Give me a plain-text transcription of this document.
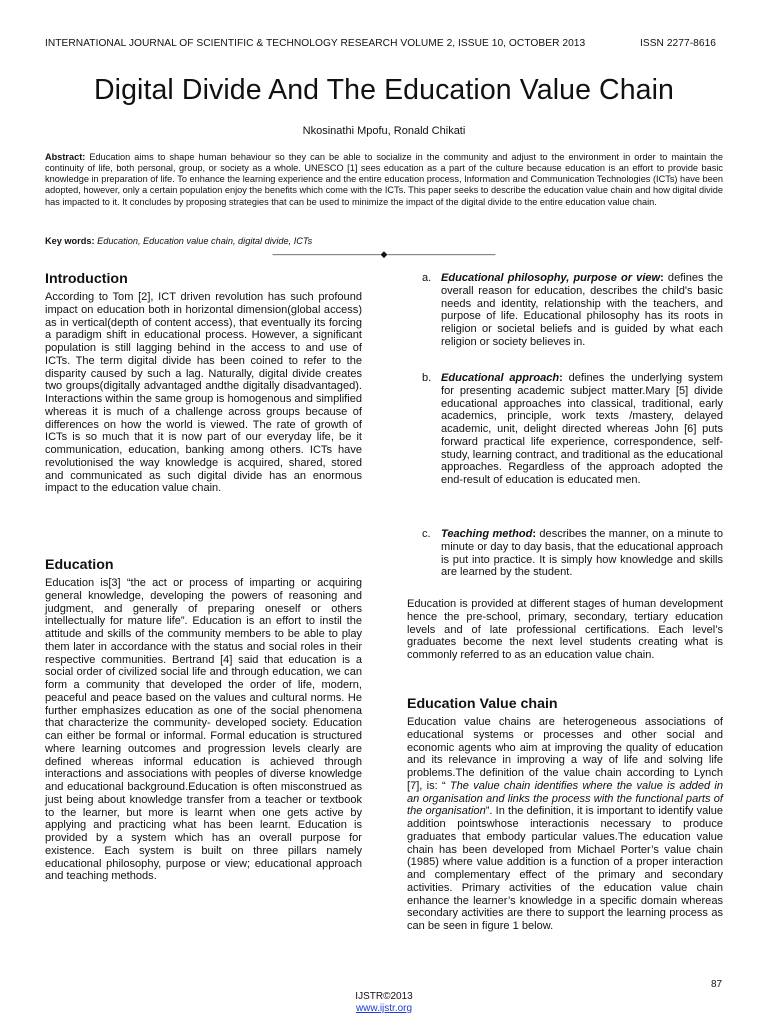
INTERNATIONAL JOURNAL OF SCIENTIFIC & TECHNOLOGY RESEARCH VOLUME 2, ISSUE 10, OCTOBER 2013	ISSN 2277-8616
Digital Divide And The Education Value Chain
Nkosinathi Mpofu, Ronald Chikati
Abstract: Education aims to shape human behaviour so they can be able to socialize in the community and adjust to the environment in order to maintain the continuity of life, both personal, group, or society as a whole. UNESCO [1] sees education as a part of the culture because education is an effort to provide basic knowledge in preparation of life. To enhance the learning experience and the entire education process, Information and Communication Technologies (ICTs) have been adopted, however, only a certain population enjoy the benefits which come with the ICTs. This paper seeks to describe the education value chain and how digital divide has impacted to it. It concludes by proposing strategies that can be used to minimize the impact of the digital divide to the entire education value chain.
Key words: Education, Education value chain, digital divide, ICTs
————————————◆————————————
Introduction

According to Tom [2], ICT driven revolution has such profound impact on education both in horizontal dimension(global access) as in vertical(depth of content access), that eventually its forcing a paradigm shift in educational process. However, a significant population is still lagging behind in the access to and use of ICTs. The term digital divide has been coined to refer to the disparity caused by such a lag. Naturally, digital divide creates two groups(digitally advantaged andthe digitally disadvantaged). Interactions within the same group is homogenous and simplified whereas it is much of a challenge across groups because of differences on how the world is viewed. The rate of growth of ICTs is so much that it is now part of our everyday life, be it communication, education, banking among others. ICTs have revolutionised the way knowledge is acquired, shared, stored and communicated as such digital divide has an enormous impact to the education value chain.

Education

Education is[3] “the act or process of imparting or acquiring general knowledge, developing the powers of reasoning and judgment, and generally of preparing oneself or others intellectually for mature life”. Education is an effort to instil the attitude and skills of the community members to be able to play them later in accordance with the status and social roles in their respective communities. Bertrand [4] said that education is a social order of civilized social life and through education, we can form a community that developed the order of life, modern, peaceful and peace based on the values and cultural norms. He further emphasizes education as one of the social phenomena that characterize the community- developed society. Education can either be formal or informal. Formal education is structured where learning outcomes and progression levels clearly are defined whereas informal education is achieved through interactions and associations with peoples of diverse knowledge and educational background.Education is often misconstrued as just being about knowledge transfer from a teacher or textbook to the learner, but more is learnt when one gets active by applying and practicing what has been learnt. Education is provided by a system which has an overall purpose for existence. Each system is built on three pillars namely educational philosophy, purpose or view; educational approach and teaching methods.

a. Educational philosophy, purpose or view: defines the overall reason for education, describes the child's basic needs and identity, relationship with the teachers, and purpose of life. Educational philosophy has its roots in religion or societal beliefs and is guided by what each religion or society believes in.
b. Educational approach: defines the underlying system for presenting academic subject matter.Mary [5] divide educational approaches into classical, traditional, early academics, principle, work texts /mastery, delayed academic, unit, delight directed whereas John [6] puts forward practical life experience, correspondence, self-study, learning contract, and traditional as the educational approaches. Regardless of the approach adopted the end-result of education is educated men.
c. Teaching method: describes the manner, on a minute to minute or day to day basis, that the educational approach is put into practice. It is simply how knowledge and skills are learned by the student.

Education is provided at different stages of human development hence the pre-school, primary, secondary, tertiary education levels and of late professional certifications. Each level’s graduates become the next level students creating what is commonly referred to as an education value chain.

Education Value chain

Education value chains are heterogeneous associations of educational systems or processes and other social and economic agents who aim at improving the quality of education and its relevance in improving a way of life and solving life problems.The definition of the value chain according to Lynch [7], is: “ The value chain identifies where the value is added in an organisation and links the process with the functional parts of the organisation”. In the definition, it is important to identify value addition pointswhose interactionis necessary to produce graduates that embody particular values.The education value chain has been developed from Michael Porter’s value chain (1985) where value addition is a function of a proper interaction and complementary effect of the primary and secondary activities. Primary activities of the education value chain enhance the learner’s knowledge in a specific domain whereas secondary activities are there to support the learning process as can be seen in figure 1 below.

87
IJSTR©2013
www.ijstr.org
